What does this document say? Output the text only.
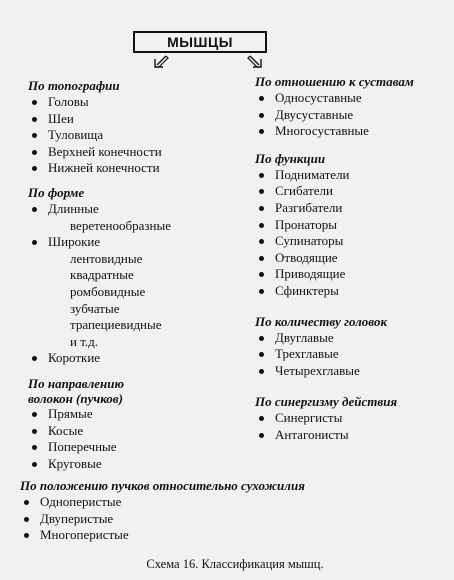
МЫШЦЫ

По топографии

Головы
Шеи
Туловища
Верхней конечности
Нижней конечности

По форме

Длинные
веретенообразные
Широкие
лентовидные
квадратные
ромбовидные
зубчатые
трапециевидные
и т.д.
Короткие

По направлению

волокон (пучков)

Прямые
Косые
Поперечные
Круговые

По отношению к суставам

Односуставные
Двусуставные
Многосуставные

По функции

Подниматели
Сгибатели
Разгибатели
Пронаторы
Супинаторы
Отводящие
Приводящие
Сфинктеры

По количеству головок

Двуглавые
Трехглавые
Четырехглавые

По синергизму действия

Синергисты
Антагонисты

По положению пучков относительно сухожилия

Одноперистые
Двуперистые
Многоперистые
Схема 16. Классификация мышц.
